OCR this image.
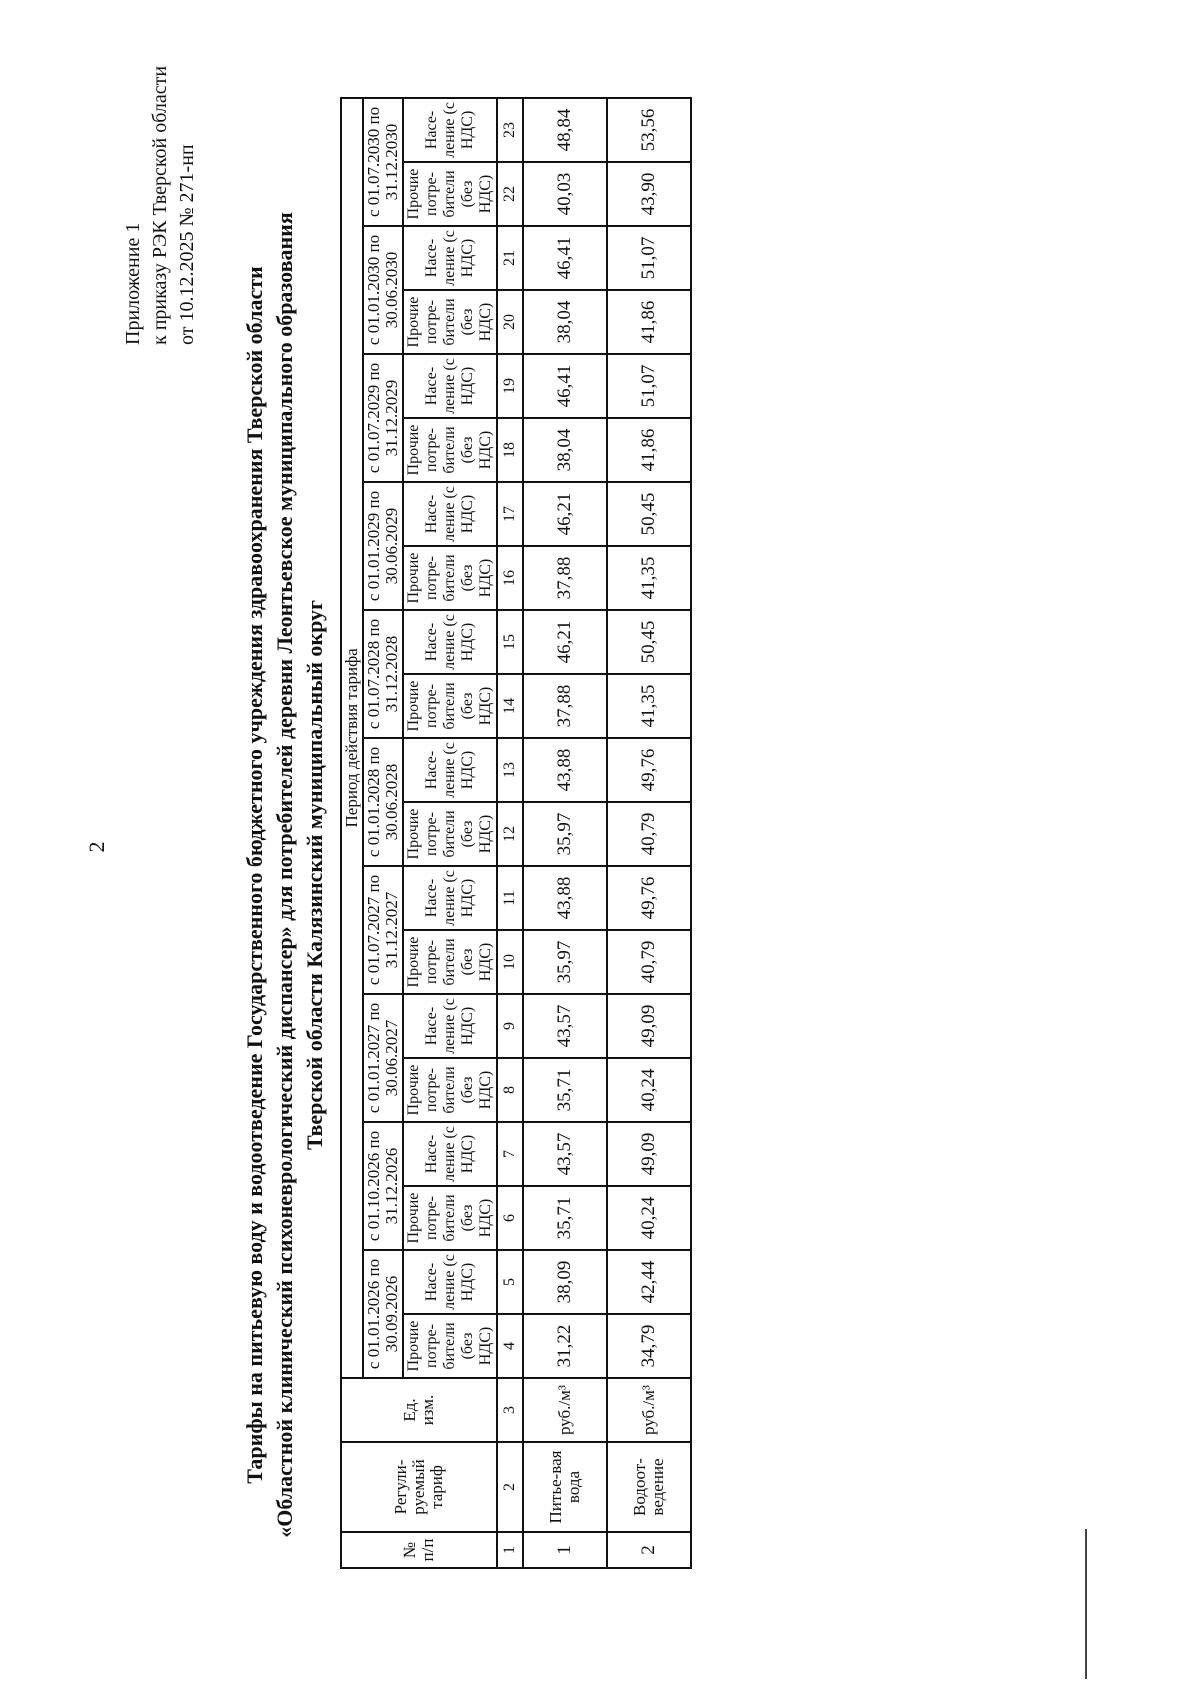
2
Приложение 1 к приказу РЭК Тверской области от 10.12.2025 № 271-нп
Тарифы на питьевую воду и водоотведение Государственного бюджетного учреждения здравоохранения Тверской области «Областной клинический психоневрологический диспансер» для потребителей деревни Леонтьевское муниципального образования Тверской области Калязинский муниципальный округ
№ п/п	Регули-руемый тариф	Ед. изм.	Период действия тарифа																			
			с 01.01.2026 по 30.09.2026		с 01.10.2026 по 31.12.2026		с 01.01.2027 по 30.06.2027		с 01.07.2027 по 31.12.2027		с 01.01.2028 по 30.06.2028		с 01.07.2028 по 31.12.2028		с 01.01.2029 по 30.06.2029		с 01.07.2029 по 31.12.2029		с 01.01.2030 по 30.06.2030		с 01.07.2030 по 31.12.2030	
			Прочие потре-бители (без НДС)	Насе-ление (с НДС)	Прочие потре-бители (без НДС)	Насе-ление (с НДС)	Прочие потре-бители (без НДС)	Насе-ление (с НДС)	Прочие потре-бители (без НДС)	Насе-ление (с НДС)	Прочие потре-бители (без НДС)	Насе-ление (с НДС)	Прочие потре-бители (без НДС)	Насе-ление (с НДС)	Прочие потре-бители (без НДС)	Насе-ление (с НДС)	Прочие потре-бители (без НДС)	Насе-ление (с НДС)	Прочие потре-бители (без НДС)	Насе-ление (с НДС)	Прочие потре-бители (без НДС)	Насе-ление (с НДС)
1	2	3	4	5	6	7	8	9	10	11	12	13	14	15	16	17	18	19	20	21	22	23
1	Питье-вая вода	руб./м³	31,22	38,09	35,71	43,57	35,71	43,57	35,97	43,88	35,97	43,88	37,88	46,21	37,88	46,21	38,04	46,41	38,04	46,41	40,03	48,84
2	Водоот-ведение	руб./м³	34,79	42,44	40,24	49,09	40,24	49,09	40,79	49,76	40,79	49,76	41,35	50,45	41,35	50,45	41,86	51,07	41,86	51,07	43,90	53,56
